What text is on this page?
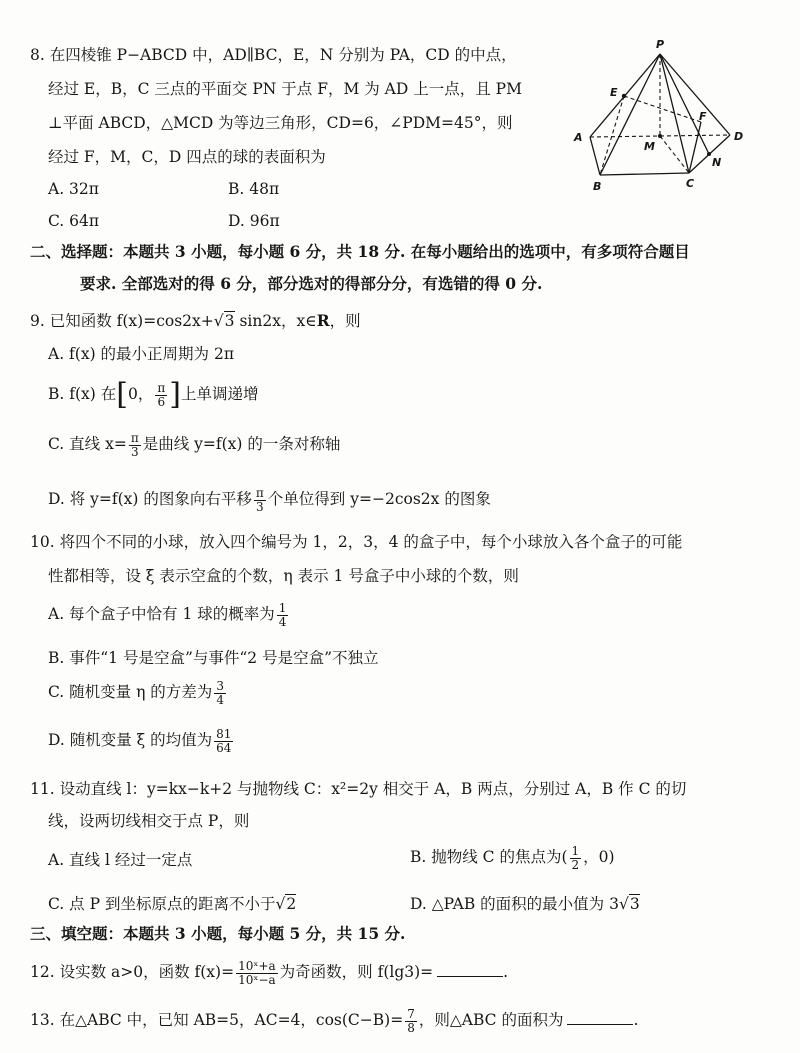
8. 在四棱锥 P−ABCD 中，AD∥BC，E，N 分别为 PA，CD 的中点，
经过 E，B，C 三点的平面交 PN 于点 F，M 为 AD 上一点，且 PM
⊥平面 ABCD，△MCD 为等边三角形，CD=6，∠PDM=45°，则
经过 F，M，C，D 四点的球的表面积为
A. 32π	B. 48π
C. 64π	D. 96π
P
E
A
M
F
D
B	C
N
二、选择题：本题共 3 小题，每小题 6 分，共 18 分. 在每小题给出的选项中，有多项符合题目
要求. 全部选对的得 6 分，部分选对的得部分分，有选错的得 0 分.
9. 已知函数 f(x)=cos2x+√3 sin2x，x∈R，则
A. f(x) 的最小正周期为 2π
B. f(x) 在[0， $\frac{\pi}{6}$ ]上单调递增
C. 直线 $x= \frac{\pi}{3}$ 是曲线 y=f(x) 的一条对称轴
D. 将 y=f(x) 的图象向右平移 $\frac{\pi}{3}$ 个单位得到 y=−2cos2x 的图象
10. 将四个不同的小球，放入四个编号为 1，2，3，4 的盒子中，每个小球放入各个盒子的可能
性都相等，设 ξ 表示空盒的个数，η 表示 1 号盒子中小球的个数，则
A. 每个盒子中恰有 1 球的概率为 $\frac{1}{4}$
B. 事件“1 号是空盒”与事件“2 号是空盒”不独立
C. 随机变量 η 的方差为 $\frac{3}{4}$
D. 随机变量 ξ 的均值为 $\frac{81}{64}$
11. 设动直线 l：y=kx−k+2 与抛物线 C：x²=2y 相交于 A，B 两点，分别过 A，B 作 C 的切
线，设两切线相交于点 P，则
A. 直线 l 经过一定点	B. 抛物线 C 的焦点为( $\frac{1}{2}$ ，0)
C. 点 P 到坐标原点的距离不小于√2	D. △PAB 的面积的最小值为 3√3
三、填空题：本题共 3 小题，每小题 5 分，共 15 分.
12. 设实数 a>0，函数 $f(x)= \frac{\text{10ˣ+a}}{\text{10ˣ−a}}$ 为奇函数，则 f(lg3)=	.
13. 在△ABC 中，已知 AB=5，AC=4，$\cos(C-B)= \frac{7}{8}$ ，则△ABC 的面积为	.
